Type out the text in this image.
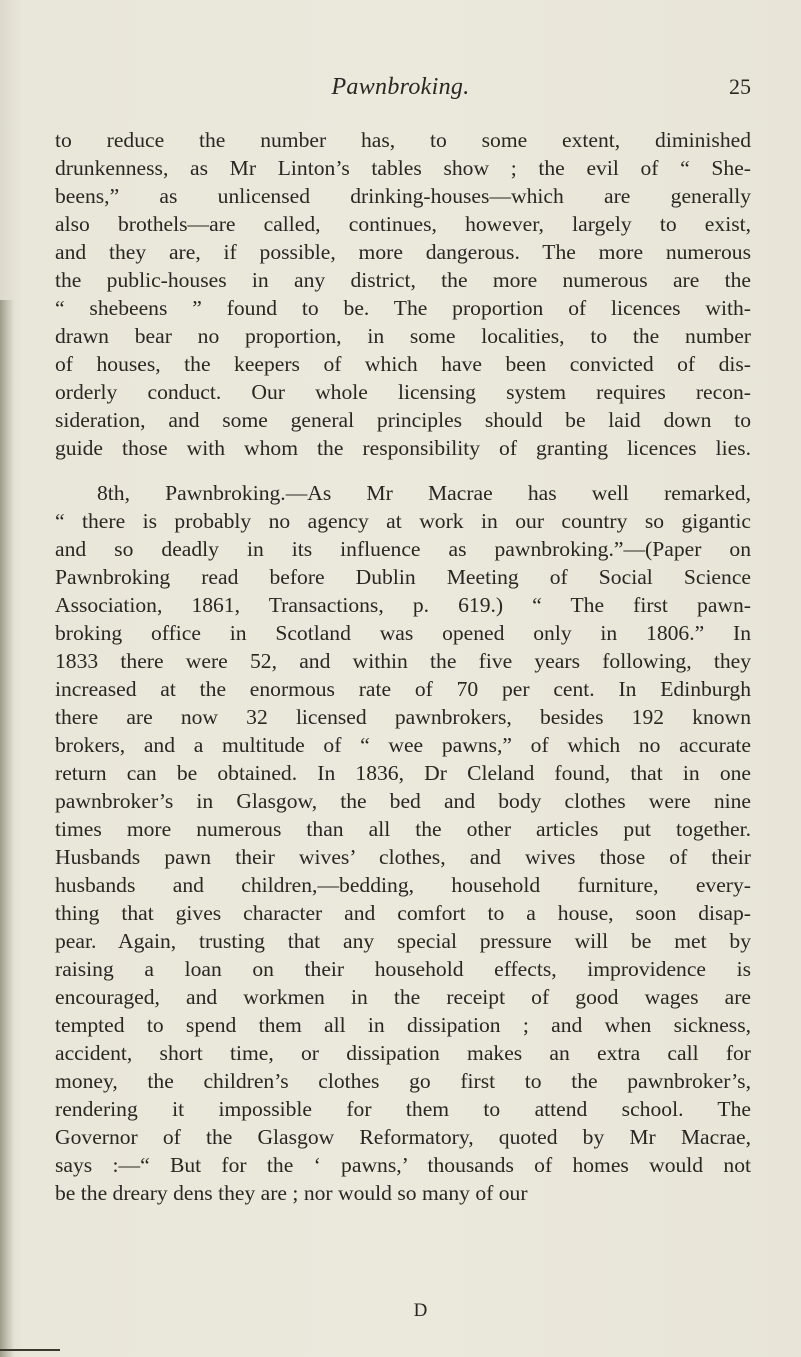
Pawnbroking.	25
to reduce the number has, to some extent, diminished
drunkenness, as Mr Linton’s tables show ; the evil of “ She-
beens,” as unlicensed drinking-houses—which are generally
also brothels—are called, continues, however, largely to exist,
and they are, if possible, more dangerous. The more numerous
the public-houses in any district, the more numerous are the
“ shebeens ” found to be. The proportion of licences with-
drawn bear no proportion, in some localities, to the number
of houses, the keepers of which have been convicted of dis-
orderly conduct. Our whole licensing system requires recon-
sideration, and some general principles should be laid down to
guide those with whom the responsibility of granting licences lies.
8th, Pawnbroking.—As Mr Macrae has well remarked,
“ there is probably no agency at work in our country so gigantic
and so deadly in its influence as pawnbroking.”—(Paper on
Pawnbroking read before Dublin Meeting of Social Science
Association, 1861, Transactions, p. 619.) “ The first pawn-
broking office in Scotland was opened only in 1806.” In
1833 there were 52, and within the five years following, they
increased at the enormous rate of 70 per cent. In Edinburgh
there are now 32 licensed pawnbrokers, besides 192 known
brokers, and a multitude of “ wee pawns,” of which no accurate
return can be obtained. In 1836, Dr Cleland found, that in one
pawnbroker’s in Glasgow, the bed and body clothes were nine
times more numerous than all the other articles put together.
Husbands pawn their wives’ clothes, and wives those of their
husbands and children,—bedding, household furniture, every-
thing that gives character and comfort to a house, soon disap-
pear. Again, trusting that any special pressure will be met by
raising a loan on their household effects, improvidence is
encouraged, and workmen in the receipt of good wages are
tempted to spend them all in dissipation ; and when sickness,
accident, short time, or dissipation makes an extra call for
money, the children’s clothes go first to the pawnbroker’s,
rendering it impossible for them to attend school. The
Governor of the Glasgow Reformatory, quoted by Mr Macrae,
says :—“ But for the ‘ pawns,’ thousands of homes would not
be the dreary dens they are ; nor would so many of our
D
